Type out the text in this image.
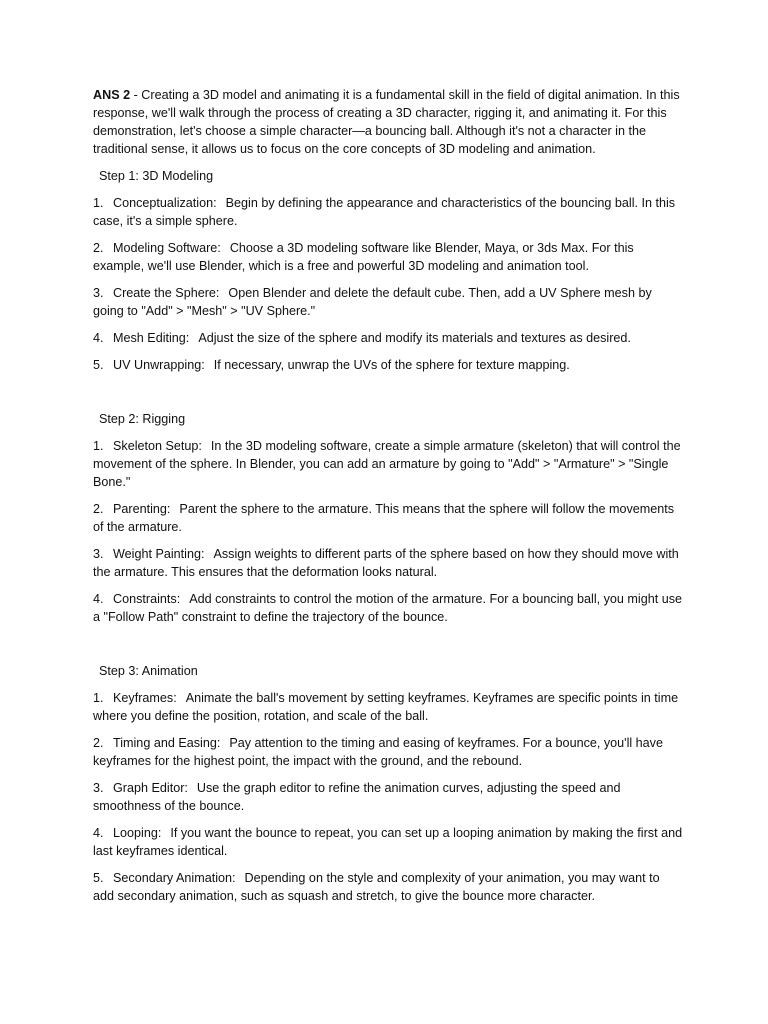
ANS 2 - Creating a 3D model and animating it is a fundamental skill in the field of digital animation. In this response, we'll walk through the process of creating a 3D character, rigging it, and animating it. For this demonstration, let's choose a simple character—a bouncing ball. Although it's not a character in the traditional sense, it allows us to focus on the core concepts of 3D modeling and animation.

Step 1: 3D Modeling

1. Conceptualization: Begin by defining the appearance and characteristics of the bouncing ball. In this case, it's a simple sphere.

2. Modeling Software: Choose a 3D modeling software like Blender, Maya, or 3ds Max. For this example, we'll use Blender, which is a free and powerful 3D modeling and animation tool.

3. Create the Sphere: Open Blender and delete the default cube. Then, add a UV Sphere mesh by going to "Add" > "Mesh" > "UV Sphere."

4. Mesh Editing: Adjust the size of the sphere and modify its materials and textures as desired.

5. UV Unwrapping: If necessary, unwrap the UVs of the sphere for texture mapping.

Step 2: Rigging

1. Skeleton Setup: In the 3D modeling software, create a simple armature (skeleton) that will control the movement of the sphere. In Blender, you can add an armature by going to "Add" > "Armature" > "Single Bone."

2. Parenting: Parent the sphere to the armature. This means that the sphere will follow the movements of the armature.

3. Weight Painting: Assign weights to different parts of the sphere based on how they should move with the armature. This ensures that the deformation looks natural.

4. Constraints: Add constraints to control the motion of the armature. For a bouncing ball, you might use a "Follow Path" constraint to define the trajectory of the bounce.

Step 3: Animation

1. Keyframes: Animate the ball's movement by setting keyframes. Keyframes are specific points in time where you define the position, rotation, and scale of the ball.

2. Timing and Easing: Pay attention to the timing and easing of keyframes. For a bounce, you'll have keyframes for the highest point, the impact with the ground, and the rebound.

3. Graph Editor: Use the graph editor to refine the animation curves, adjusting the speed and smoothness of the bounce.

4. Looping: If you want the bounce to repeat, you can set up a looping animation by making the first and last keyframes identical.

5. Secondary Animation: Depending on the style and complexity of your animation, you may want to add secondary animation, such as squash and stretch, to give the bounce more character.
